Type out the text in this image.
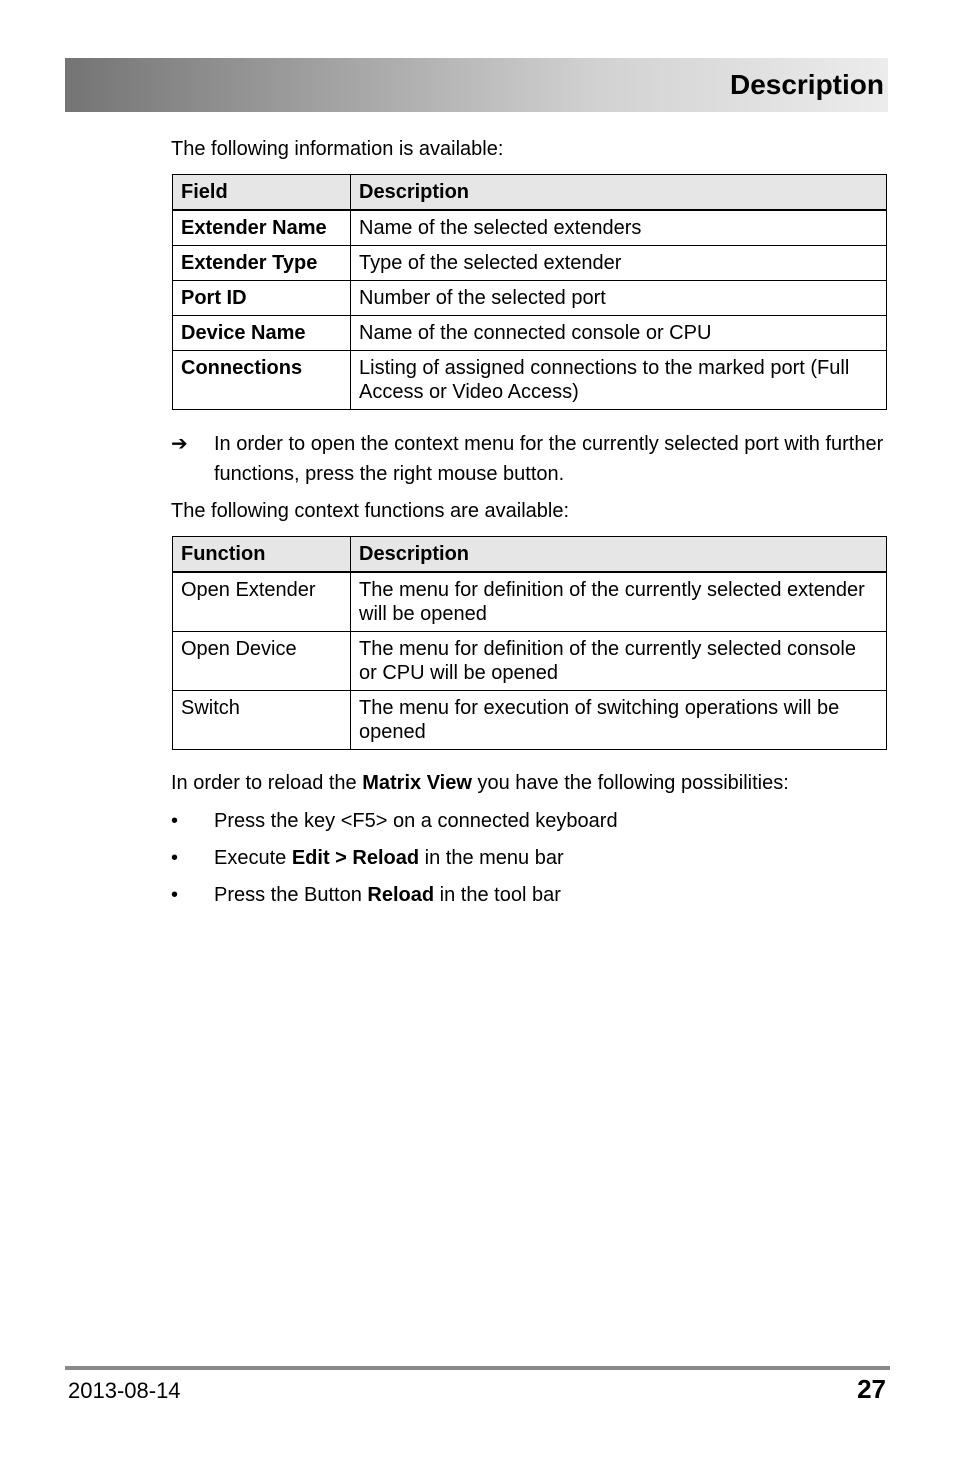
Description
The following information is available:
Field	Description
Extender Name	Name of the selected extenders
Extender Type	Type of the selected extender
Port ID	Number of the selected port
Device Name	Name of the connected console or CPU
Connections	Listing of assigned connections to the marked port (Full Access or Video Access)
➔	In order to open the context menu for the currently selected port with further functions, press the right mouse button.
The following context functions are available:
Function	Description
Open Extender	The menu for definition of the currently selected extender will be opened
Open Device	The menu for definition of the currently selected console or CPU will be opened
Switch	The menu for execution of switching operations will be opened
In order to reload the Matrix View you have the following possibilities:
•	Press the key <F5> on a connected keyboard
•	Execute Edit > Reload in the menu bar
•	Press the Button Reload in the tool bar
2013-08-14	27
